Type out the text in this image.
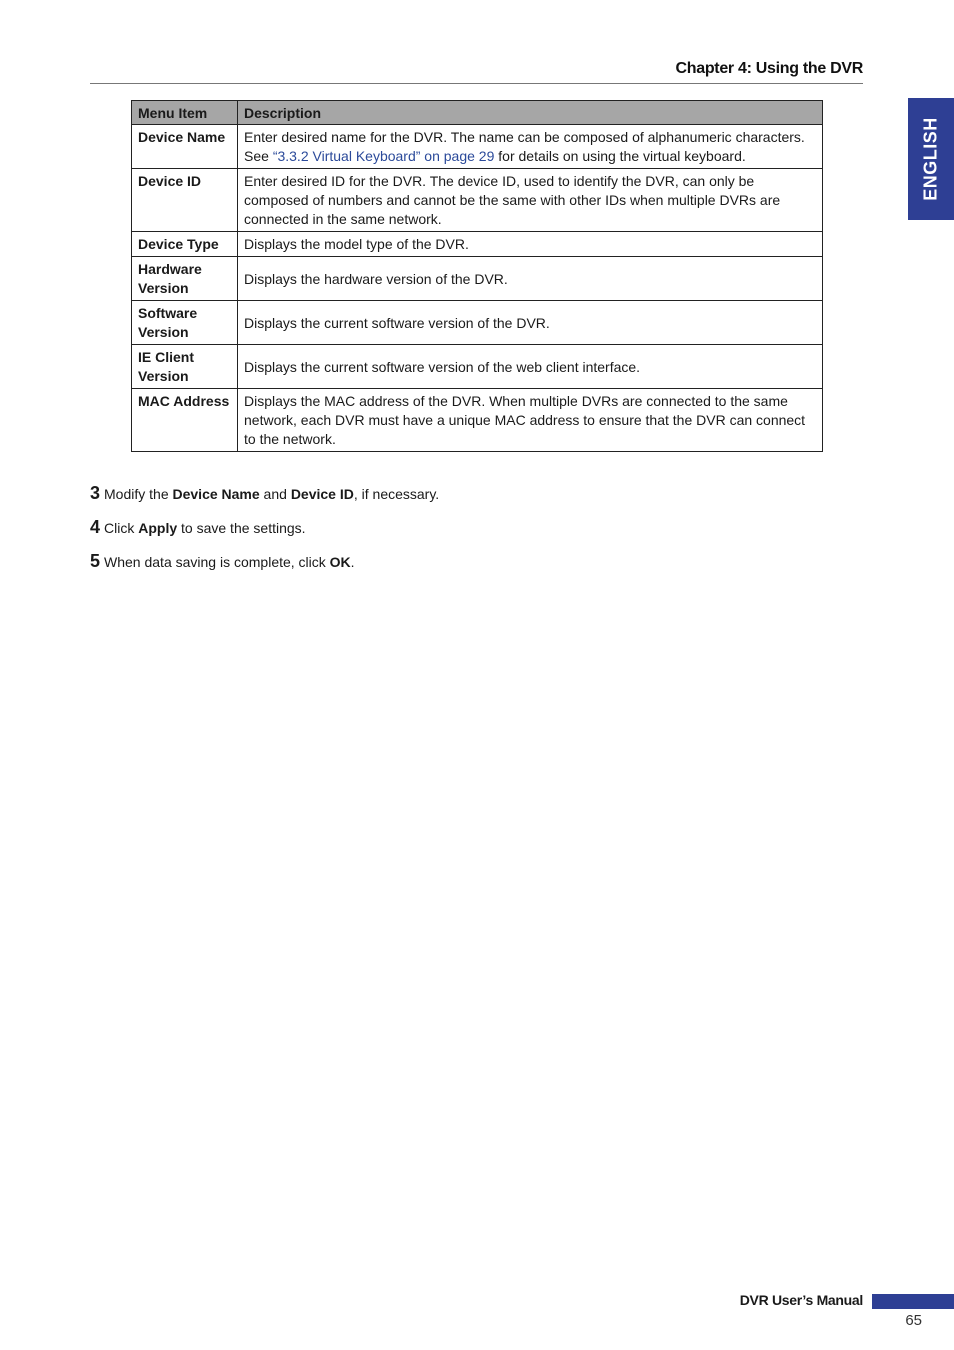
Chapter 4: Using the DVR
ENGLISH
Menu Item	Description
Device Name	Enter desired name for the DVR. The name can be composed of alphanumeric characters. See “3.3.2 Virtual Keyboard” on page 29 for details on using the virtual keyboard.
Device ID	Enter desired ID for the DVR. The device ID, used to identify the DVR, can only be composed of numbers and cannot be the same with other IDs when multiple DVRs are connected in the same network.
Device Type	Displays the model type of the DVR.
Hardware Version	Displays the hardware version of the DVR.
Software Version	Displays the current software version of the DVR.
IE Client Version	Displays the current software version of the web client interface.
MAC Address	Displays the MAC address of the DVR. When multiple DVRs are connected to the same network, each DVR must have a unique MAC address to ensure that the DVR can connect to the network.
3 Modify the Device Name and Device ID, if necessary.
4 Click Apply to save the settings.
5 When data saving is complete, click OK.
DVR User’s Manual
65
